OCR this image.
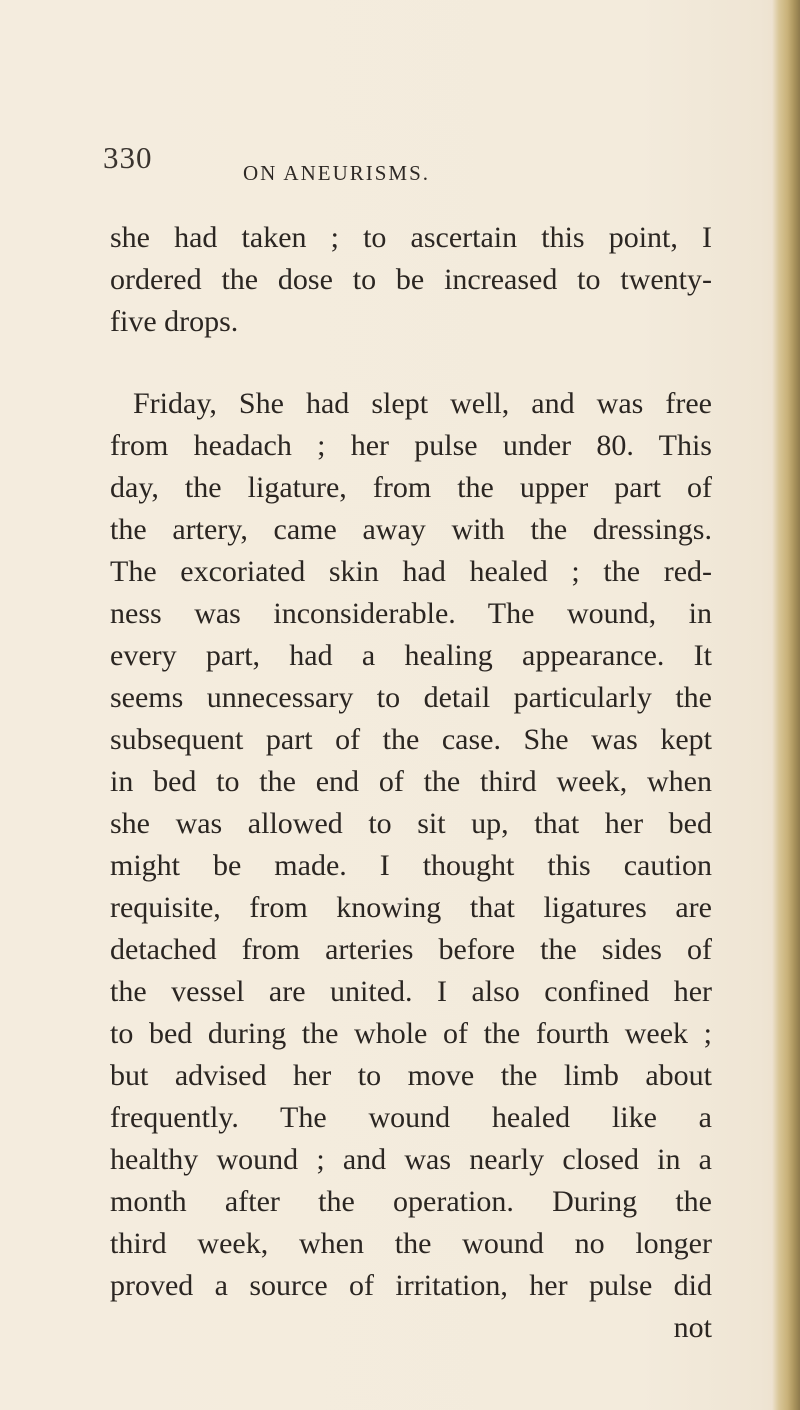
330	ON ANEURISMS.
she had taken ; to ascertain this point, I
ordered the dose to be increased to twenty-
five drops.
Friday, She had slept well, and was free
from headach ; her pulse under 80. This
day, the ligature, from the upper part of
the artery, came away with the dressings.
The excoriated skin had healed ; the red-
ness was inconsiderable. The wound, in
every part, had a healing appearance. It
seems unnecessary to detail particularly the
subsequent part of the case. She was kept
in bed to the end of the third week, when
she was allowed to sit up, that her bed
might be made. I thought this caution
requisite, from knowing that ligatures are
detached from arteries before the sides of
the vessel are united. I also confined her
to bed during the whole of the fourth week ;
but advised her to move the limb about
frequently. The wound healed like a
healthy wound ; and was nearly closed in a
month after the operation. During the
third week, when the wound no longer
proved a source of irritation, her pulse did
not
